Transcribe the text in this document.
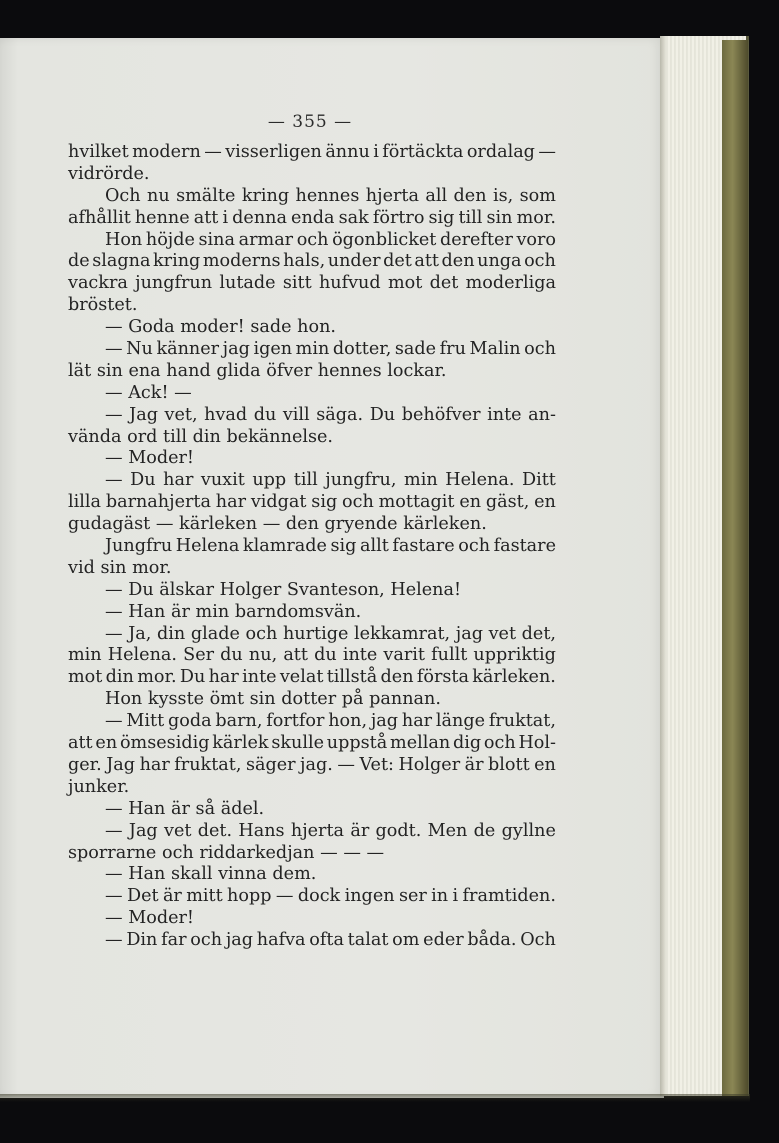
— 355 —
hvilket modern — visserligen ännu i förtäckta ordalag —
vidrörde.
Och nu smälte kring hennes hjerta all den is, som
afhållit henne att i denna enda sak förtro sig till sin mor.
Hon höjde sina armar och ögonblicket derefter voro
de slagna kring moderns hals, under det att den unga och
vackra jungfrun lutade sitt hufvud mot det moderliga
bröstet.
— Goda moder! sade hon.
— Nu känner jag igen min dotter, sade fru Malin och
lät sin ena hand glida öfver hennes lockar.
— Ack! —
— Jag vet, hvad du vill säga. Du behöfver inte an-
vända ord till din bekännelse.
— Moder!
— Du har vuxit upp till jungfru, min Helena. Ditt
lilla barnahjerta har vidgat sig och mottagit en gäst, en
gudagäst — kärleken — den gryende kärleken.
Jungfru Helena klamrade sig allt fastare och fastare
vid sin mor.
— Du älskar Holger Svanteson, Helena!
— Han är min barndomsvän.
— Ja, din glade och hurtige lekkamrat, jag vet det,
min Helena. Ser du nu, att du inte varit fullt uppriktig
mot din mor. Du har inte velat tillstå den första kärleken.
Hon kysste ömt sin dotter på pannan.
— Mitt goda barn, fortfor hon, jag har länge fruktat,
att en ömsesidig kärlek skulle uppstå mellan dig och Hol-
ger. Jag har fruktat, säger jag. — Vet: Holger är blott en
junker.
— Han är så ädel.
— Jag vet det. Hans hjerta är godt. Men de gyllne
sporrarne och riddarkedjan — — —
— Han skall vinna dem.
— Det är mitt hopp — dock ingen ser in i framtiden.
— Moder!
— Din far och jag hafva ofta talat om eder båda. Och
